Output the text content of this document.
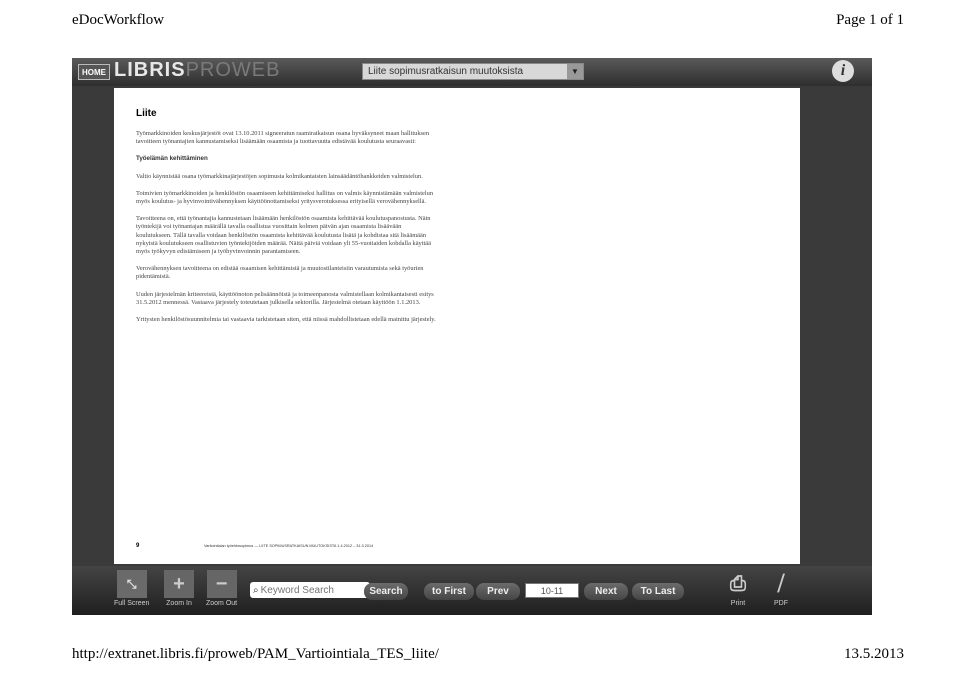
eDocWorkflow	Page 1 of 1
HOME LIBRISPROWEB	Liite sopimusratkaisun muutoksista	▼	i
Liite

Työmarkkinoiden keskusjärjestöt ovat 13.10.2011 signeeratun raamiratkaisun osana hyväksyneet maan hallituksen tavoitteen työnantajien kannustamiseksi lisäämään osaamista ja tuottavuutta edistävää koulutusta seuraavasti:

Työelämän kehittäminen

Valtio käynnistää osana työmarkkinajärjestöjen sopimusta kolmikantaisten lainsäädäntöhankkeiden valmistelun.

Toimivien työmarkkinoiden ja henkilöstön osaamiseen kehittämiseksi hallitus on valmis käynnistämään valmistelun myös koulutus- ja hyvinvointivähennyksen käyttöönottamiseksi yritysverotuksessa erityisellä verovähennyksellä.

Tavoitteena on, että työnantajia kannustetaan lisäämään henkilöstön osaamista kehittävää koulutuspanostusta. Näin työntekijä voi työnantajan määrällä tavalla osallistua vuosittain kolmen päivän ajan osaamista lisäävään koulutukseen. Tällä tavalla voidaan henkilöstön osaamista kehittävää koulutusta lisätä ja kohdistaa sitä lisäämään nykyistä koulutukseen osallistuvien työntekijöiden määrää. Näitä päiviä voidaan yli 55-vuotiaiden kohdalla käyttää myös työkyvyn edistämiseen ja työhyvinvoinnin parantamiseen.

Verovähennyksen tavoitteena on edistää osaamisen kehittämistä ja muutostilanteisiin varautumista sekä työurien pidentämistä.

Uuden järjestelmän kriteereistä, käyttöönoton pelisäännöistä ja toimeenpanosta valmistellaan kolmikantaisesti esitys 31.5.2012 mennessä. Vastaava järjestely toteutetaan julkisella sektorilla. Järjestelmä otetaan käyttöön 1.1.2013.

Yritysten henkilöstösuunnitelmia tai vastaavia tarkistetaan siten, että niissä mahdollistetaan edellä mainittu järjestely.

9	Vartiointialan työehtosopimus — LIITE SOPIMUSRATKAISUN MUUTOKSISTA 1.4.2012 – 31.3.2014
⤡
Full Screen
+
Zoom In
−
Zoom Out
⌕
Keyword Search	Search	to First	Prev	10-11	Next	To Last	⎙
Print
⧸
PDF
http://extranet.libris.fi/proweb/PAM_Vartiointiala_TES_liite/	13.5.2013
